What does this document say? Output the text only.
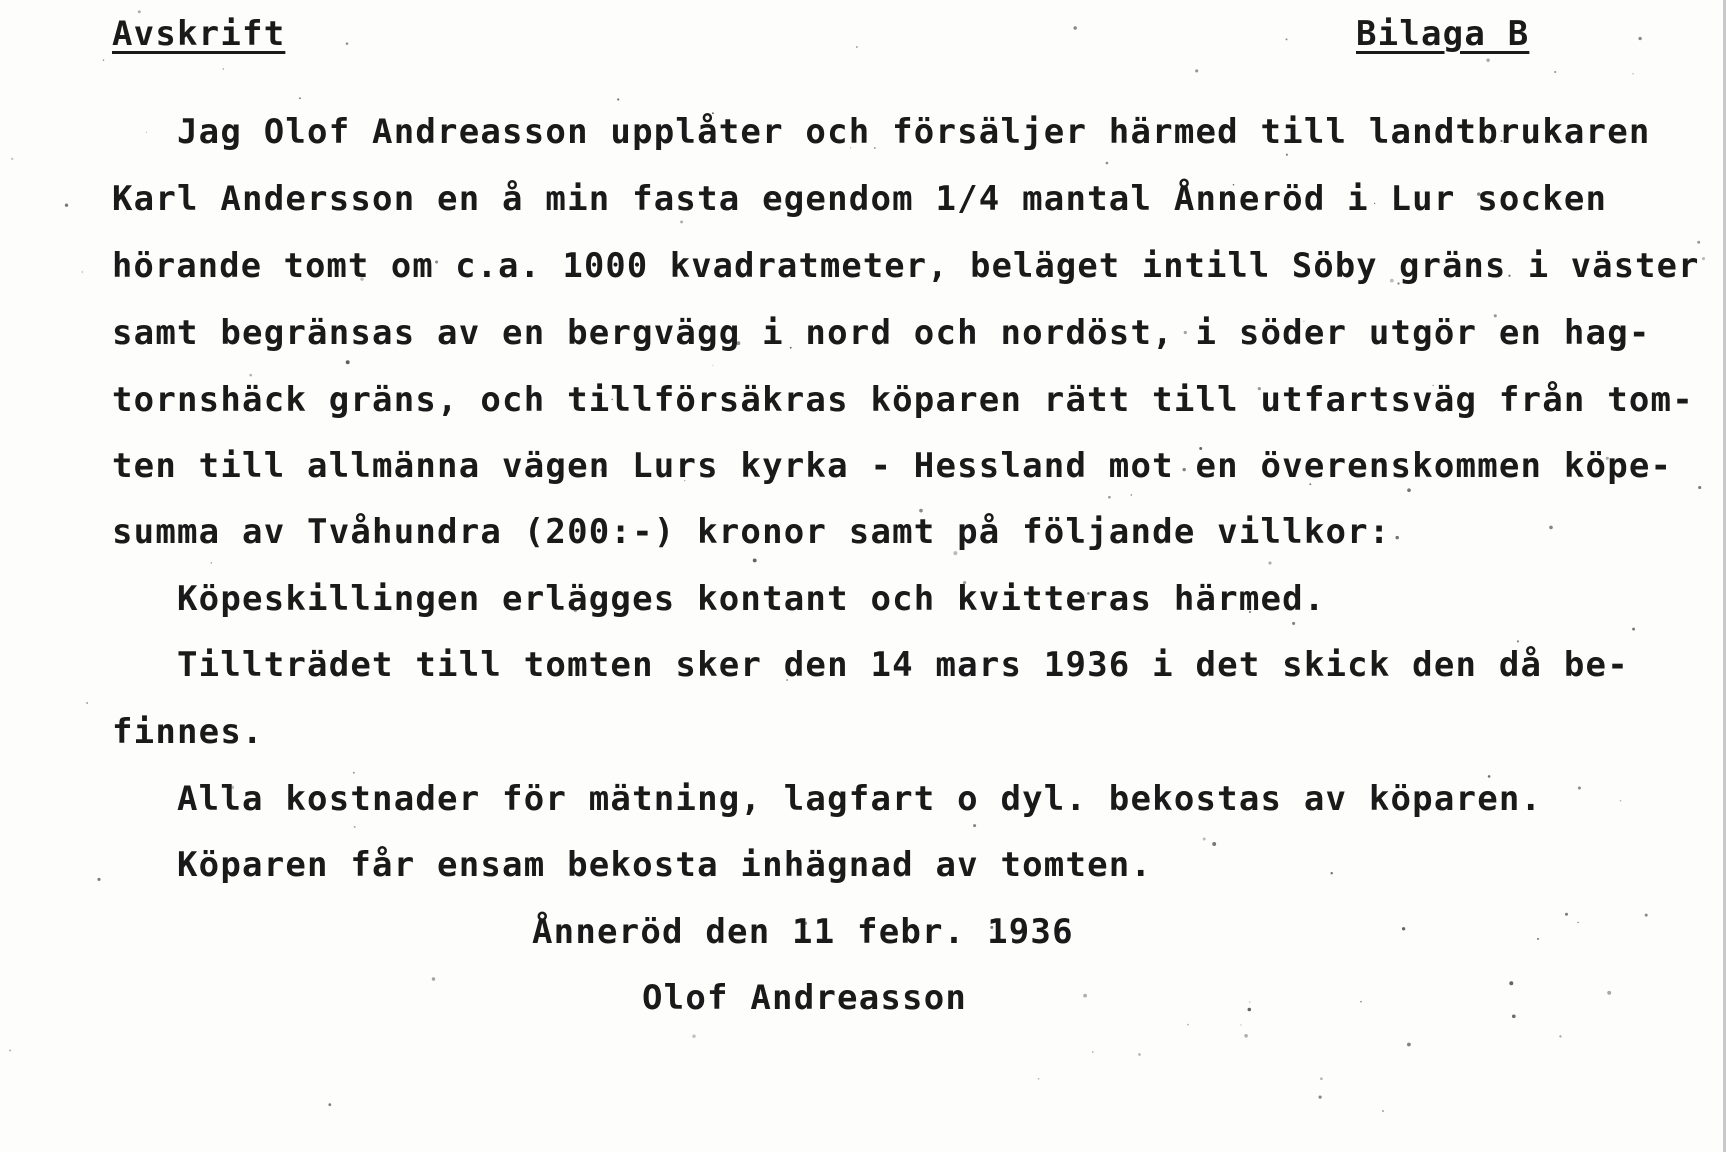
Avskrift	Bilaga B
Jag Olof Andreasson upplåter och försäljer härmed till landtbrukaren
Karl Andersson en å min fasta egendom 1/4 mantal Ånneröd i Lur socken
hörande tomt om c.a. 1000 kvadratmeter, beläget intill Söby gräns i väster
samt begränsas av en bergvägg i nord och nordöst, i söder utgör en hag-
tornshäck gräns, och tillförsäkras köparen rätt till utfartsväg från tom-
ten till allmänna vägen Lurs kyrka - Hessland mot en överenskommen köpe-
summa av Tvåhundra (200:-) kronor samt på följande villkor:
Köpeskillingen erlägges kontant och kvitteras härmed.
Tillträdet till tomten sker den 14 mars 1936 i det skick den då be-
finnes.
Alla kostnader för mätning, lagfart o dyl. bekostas av köparen.
Köparen får ensam bekosta inhägnad av tomten.
Ånneröd den 11 febr. 1936
Olof Andreasson
